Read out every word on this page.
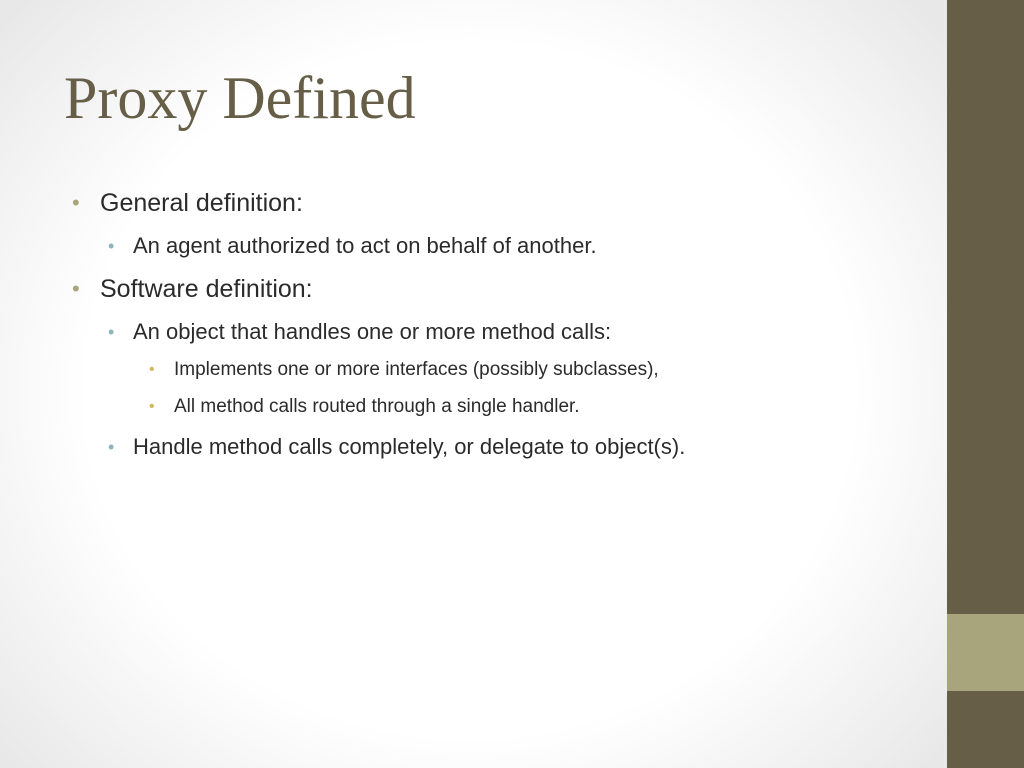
Proxy Defined
• General definition:
• An agent authorized to act on behalf of another.
• Software definition:
• An object that handles one or more method calls:
• Implements one or more interfaces (possibly subclasses),
• All method calls routed through a single handler.
• Handle method calls completely, or delegate to object(s).
